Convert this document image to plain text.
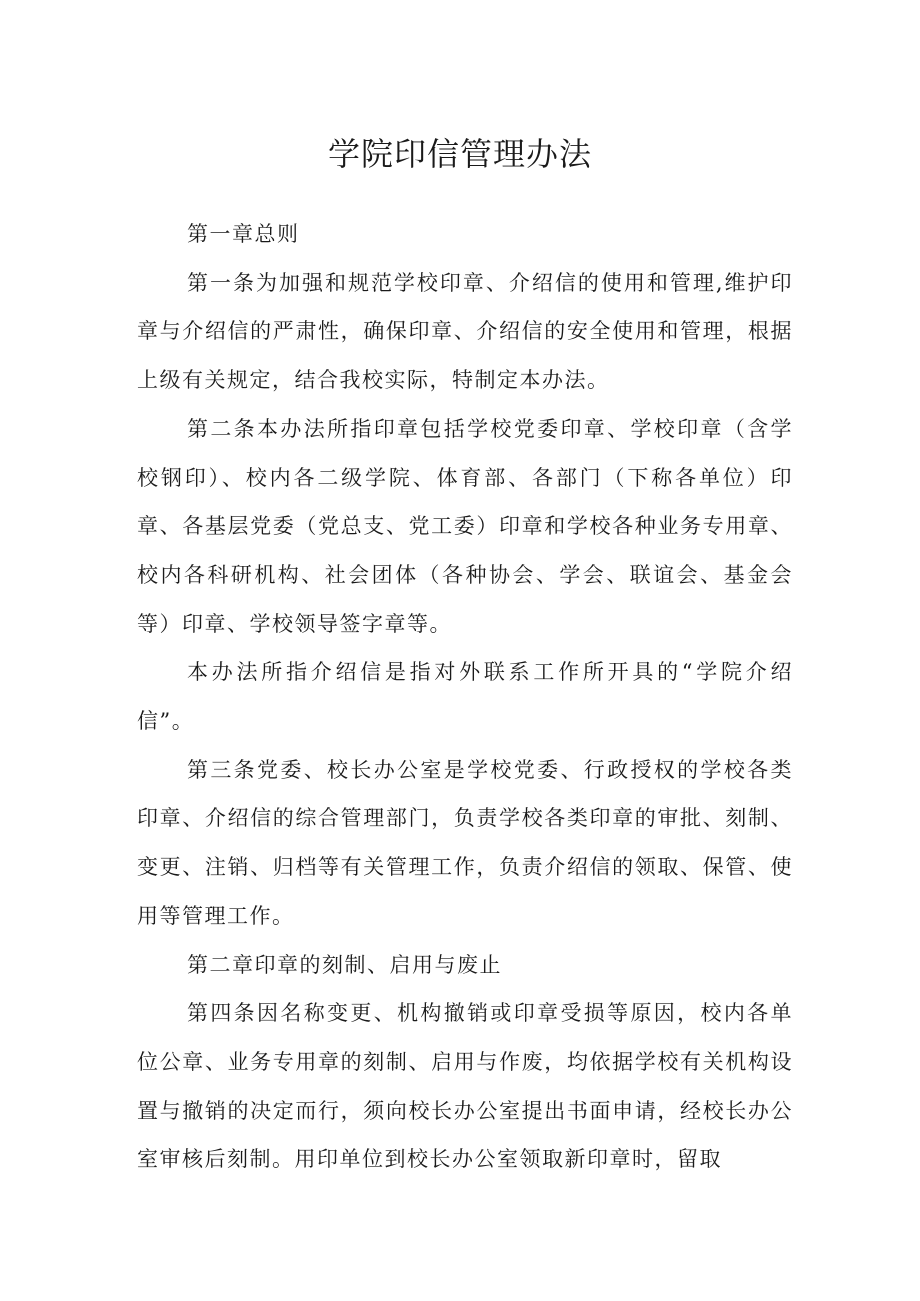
学院印信管理办法

第一章总则

第一条为加强和规范学校印章、介绍信的使用和管理,维护印章与介绍信的严肃性，确保印章、介绍信的安全使用和管理，根据上级有关规定，结合我校实际，特制定本办法。

第二条本办法所指印章包括学校党委印章、学校印章（含学校钢印）、校内各二级学院、体育部、各部门（下称各单位）印章、各基层党委（党总支、党工委）印章和学校各种业务专用章、校内各科研机构、社会团体（各种协会、学会、联谊会、基金会等）印章、学校领导签字章等。

本办法所指介绍信是指对外联系工作所开具的“学院介绍信”。

第三条党委、校长办公室是学校党委、行政授权的学校各类印章、介绍信的综合管理部门，负责学校各类印章的审批、刻制、变更、注销、归档等有关管理工作，负责介绍信的领取、保管、使用等管理工作。

第二章印章的刻制、启用与废止

第四条因名称变更、机构撤销或印章受损等原因，校内各单位公章、业务专用章的刻制、启用与作废，均依据学校有关机构设置与撤销的决定而行，须向校长办公室提出书面申请，经校长办公室审核后刻制。用印单位到校长办公室领取新印章时，留取
